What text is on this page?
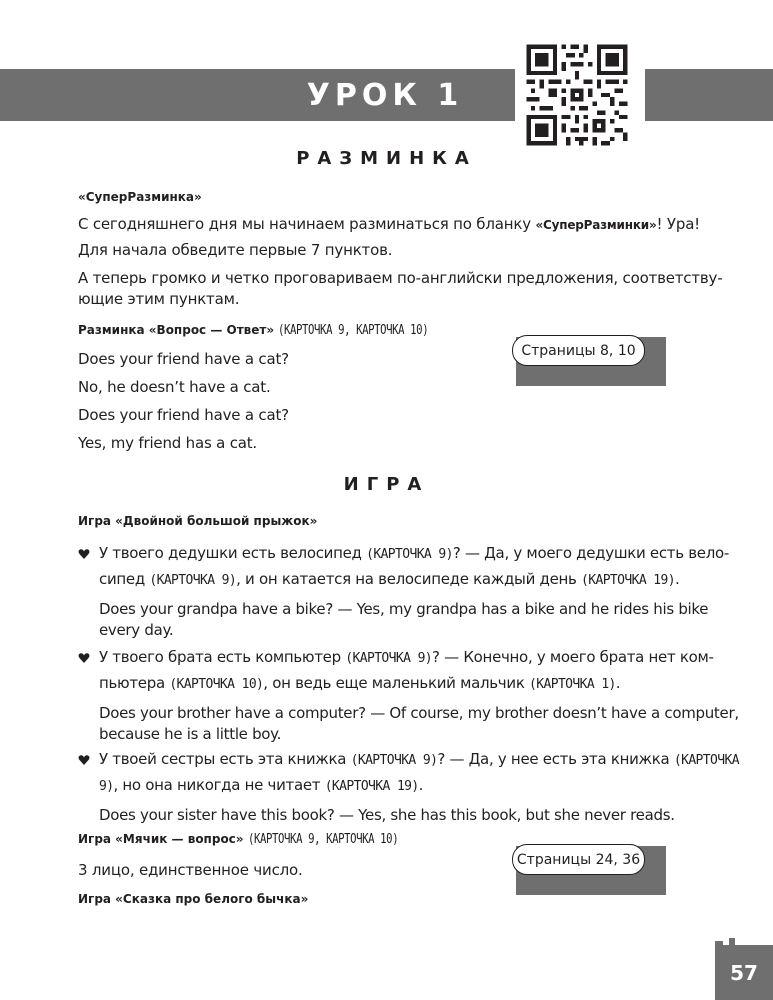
УРОК 1
РАЗМИНКА
«СуперРазминка»
С сегодняшнего дня мы начинаем разминаться по бланку «СуперРазминки»! Ура!
Для начала обведите первые 7 пунктов.
А теперь громко и четко проговариваем по-английски предложения, соответству-
ющие этим пунктам.
Разминка «Вопрос — Ответ» (КАРТОЧКА 9, КАРТОЧКА 10)
Does your friend have a cat?
No, he doesn’t have a cat.
Does your friend have a cat?
Yes, my friend has a cat.
Страницы 8, 10
ИГРА
Игра «Двойной большой прыжок»
У твоего дедушки есть велосипед (КАРТОЧКА 9)? — Да, у моего дедушки есть вело-
сипед (КАРТОЧКА 9), и он катается на велосипеде каждый день (КАРТОЧКА 19).
Does your grandpa have a bike? — Yes, my grandpa has a bike and he rides his bike
every day.
У твоего брата есть компьютер (КАРТОЧКА 9)? — Конечно, у моего брата нет ком-
пьютера (КАРТОЧКА 10), он ведь еще маленький мальчик (КАРТОЧКА 1).
Does your brother have a computer? — Of course, my brother doesn’t have a computer,
because he is a little boy.
У твоей сестры есть эта книжка (КАРТОЧКА 9)? — Да, у нее есть эта книжка (КАРТОЧКА
9), но она никогда не читает (КАРТОЧКА 19).
Does your sister have this book? — Yes, she has this book, but she never reads.
Игра «Мячик — вопрос» (КАРТОЧКА 9, КАРТОЧКА 10)
3 лицо, единственное число.
Страницы 24, 36
Игра «Сказка про белого бычка»
57
